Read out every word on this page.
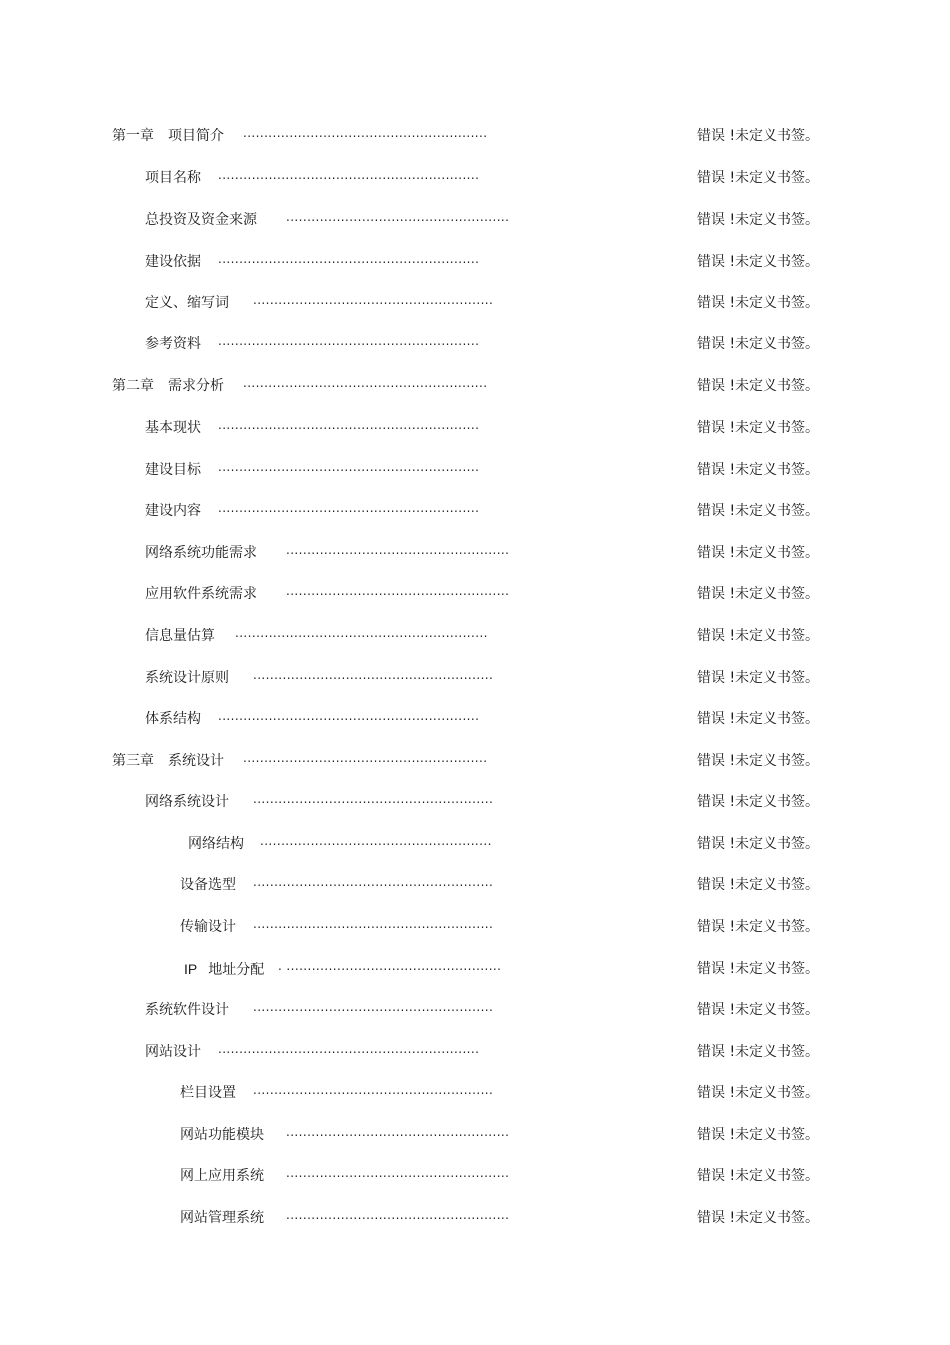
第一章 项目简介 ..........................................................	错误 !未定义书签。
项目名称 ..............................................................	错误 !未定义书签。
总投资及资金来源 .....................................................	错误 !未定义书签。
建设依据 ..............................................................	错误 !未定义书签。
定义、缩写词 .........................................................	错误 !未定义书签。
参考资料 ..............................................................	错误 !未定义书签。
第二章 需求分析 ..........................................................	错误 !未定义书签。
基本现状 ..............................................................	错误 !未定义书签。
建设目标 ..............................................................	错误 !未定义书签。
建设内容 ..............................................................	错误 !未定义书签。
网络系统功能需求 .....................................................	错误 !未定义书签。
应用软件系统需求 .....................................................	错误 !未定义书签。
信息量估算 ............................................................	错误 !未定义书签。
系统设计原则 .........................................................	错误 !未定义书签。
体系结构 ..............................................................	错误 !未定义书签。
第三章 系统设计 ..........................................................	错误 !未定义书签。
网络系统设计 .........................................................	错误 !未定义书签。
网络结构 .......................................................	错误 !未定义书签。
设备选型 .........................................................	错误 !未定义书签。
传输设计 .........................................................	错误 !未定义书签。
IP 地址分配 . ...................................................	错误 !未定义书签。
系统软件设计 .........................................................	错误 !未定义书签。
网站设计 ..............................................................	错误 !未定义书签。
栏目设置 .........................................................	错误 !未定义书签。
网站功能模块 .....................................................	错误 !未定义书签。
网上应用系统 .....................................................	错误 !未定义书签。
网站管理系统 .....................................................	错误 !未定义书签。
